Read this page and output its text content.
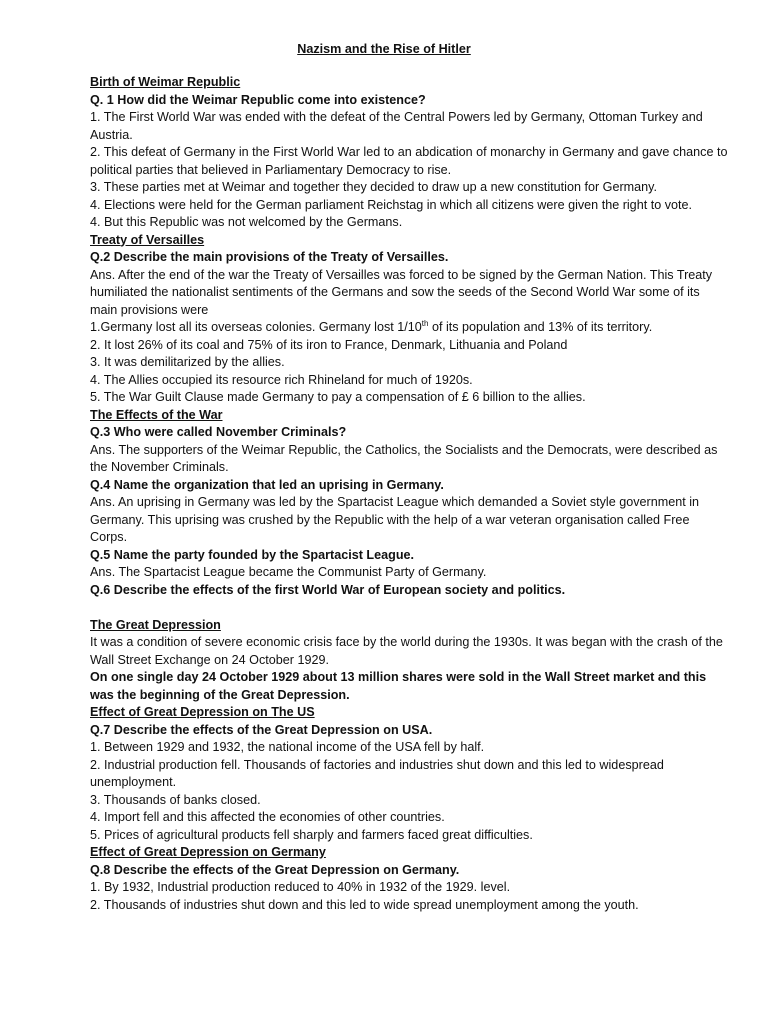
Nazism and the Rise of Hitler

Birth of Weimar Republic

Q. 1 How did the Weimar Republic come into existence?

1. The First World War was ended with the defeat of the Central Powers led by Germany, Ottoman Turkey and Austria.

2. This defeat of Germany in the First World War led to an abdication of monarchy in Germany and gave chance to political parties that believed in Parliamentary Democracy to rise.

3. These parties met at Weimar and together they decided to draw up a new constitution for Germany.

4. Elections were held for the German parliament Reichstag in which all citizens were given the right to vote.

4. But this Republic was not welcomed by the Germans.

Treaty of Versailles

Q.2 Describe the main provisions of the Treaty of Versailles.

Ans. After the end of the war the Treaty of Versailles was forced to be signed by the German Nation. This Treaty humiliated the nationalist sentiments of the Germans and sow the seeds of the Second World War some of its main provisions were

1.Germany lost all its overseas colonies. Germany lost 1/10th of its population and 13% of its territory.

2. It lost 26% of its coal and 75% of its iron to France, Denmark, Lithuania and Poland

3. It was demilitarized by the allies.

4. The Allies occupied its resource rich Rhineland for much of 1920s.

5. The War Guilt Clause made Germany to pay a compensation of £ 6 billion to the allies.

The Effects of the War

Q.3 Who were called November Criminals?

Ans. The supporters of the Weimar Republic, the Catholics, the Socialists and the Democrats, were described as the November Criminals.

Q.4 Name the organization that led an uprising in Germany.

Ans. An uprising in Germany was led by the Spartacist League which demanded a Soviet style government in Germany. This uprising was crushed by the Republic with the help of a war veteran organisation called Free Corps.

Q.5 Name the party founded by the Spartacist League.

Ans. The Spartacist League became the Communist Party of Germany.

Q.6 Describe the effects of the first World War of European society and politics.

The Great Depression

It was a condition of severe economic crisis face by the world during the 1930s. It was began with the crash of the Wall Street Exchange on 24 October 1929.

On one single day 24 October 1929 about 13 million shares were sold in the Wall Street market and this was the beginning of the Great Depression.

Effect of Great Depression on The US

Q.7 Describe the effects of the Great Depression on USA.

1. Between 1929 and 1932, the national income of the USA fell by half.

2. Industrial production fell. Thousands of factories and industries shut down and this led to widespread unemployment.

3. Thousands of banks closed.

4. Import fell and this affected the economies of other countries.

5. Prices of agricultural products fell sharply and farmers faced great difficulties.

Effect of Great Depression on Germany

Q.8 Describe the effects of the Great Depression on Germany.

1. By 1932, Industrial production reduced to 40% in 1932 of the 1929. level.

2. Thousands of industries shut down and this led to wide spread unemployment among the youth.
